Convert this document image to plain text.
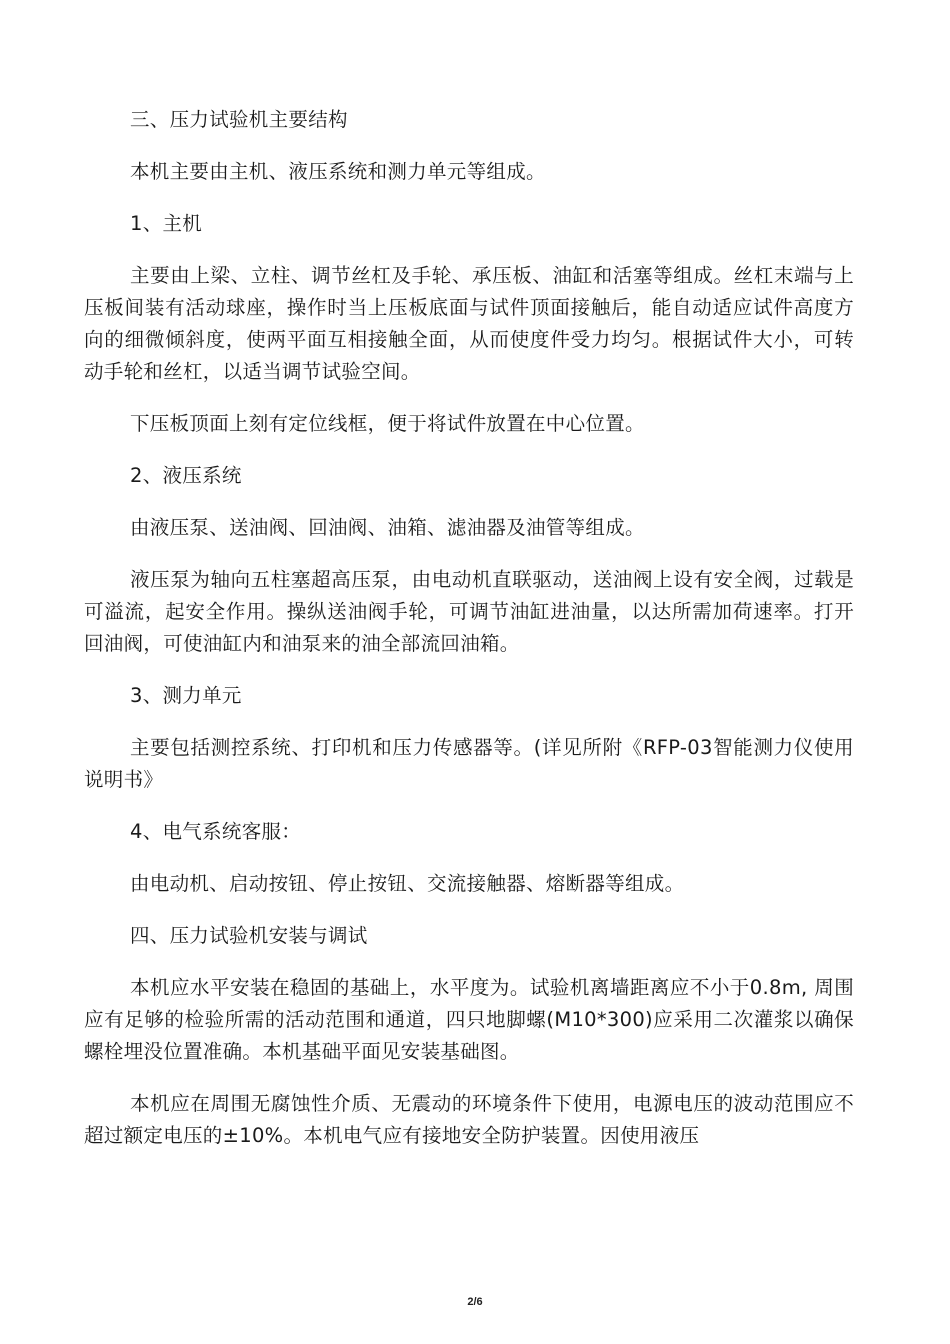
三、压力试验机主要结构

本机主要由主机、液压系统和测力单元等组成。

1、主机

主要由上梁、立柱、调节丝杠及手轮、承压板、油缸和活塞等组成。丝杠末端与上压板间装有活动球座，操作时当上压板底面与试件顶面接触后，能自动适应试件高度方向的细微倾斜度，使两平面互相接触全面，从而使度件受力均匀。根据试件大小，可转动手轮和丝杠，以适当调节试验空间。

下压板顶面上刻有定位线框，便于将试件放置在中心位置。

2、液压系统

由液压泵、送油阀、回油阀、油箱、滤油器及油管等组成。

液压泵为轴向五柱塞超高压泵，由电动机直联驱动，送油阀上设有安全阀，过载是可溢流，起安全作用。操纵送油阀手轮，可调节油缸进油量，以达所需加荷速率。打开回油阀，可使油缸内和油泵来的油全部流回油箱。

3、测力单元

主要包括测控系统、打印机和压力传感器等。(详见所附《RFP-03智能测力仪使用说明书》

4、电气系统客服：

由电动机、启动按钮、停止按钮、交流接触器、熔断器等组成。

四、压力试验机安装与调试

本机应水平安装在稳固的基础上，水平度为。试验机离墙距离应不小于0.8m, 周围应有足够的检验所需的活动范围和通道，四只地脚螺(M10*300)应采用二次灌浆以确保螺栓埋没位置准确。本机基础平面见安装基础图。

本机应在周围无腐蚀性介质、无震动的环境条件下使用，电源电压的波动范围应不超过额定电压的±10%。本机电气应有接地安全防护装置。因使用液压

2/6
